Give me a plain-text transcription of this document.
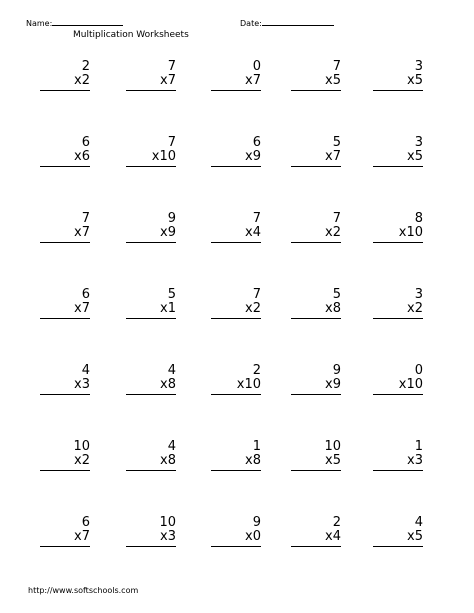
Name:	Date:
Multiplication Worksheets
2
x2
7
x7
0
x7
7
x5
3
x5
6
x6
7
x10
6
x9
5
x7
3
x5
7
x7
9
x9
7
x4
7
x2
8
x10
6
x7
5
x1
7
x2
5
x8
3
x2
4
x3
4
x8
2
x10
9
x9
0
x10
10
x2
4
x8
1
x8
10
x5
1
x3
6
x7
10
x3
9
x0
2
x4
4
x5
http://www.softschools.com
